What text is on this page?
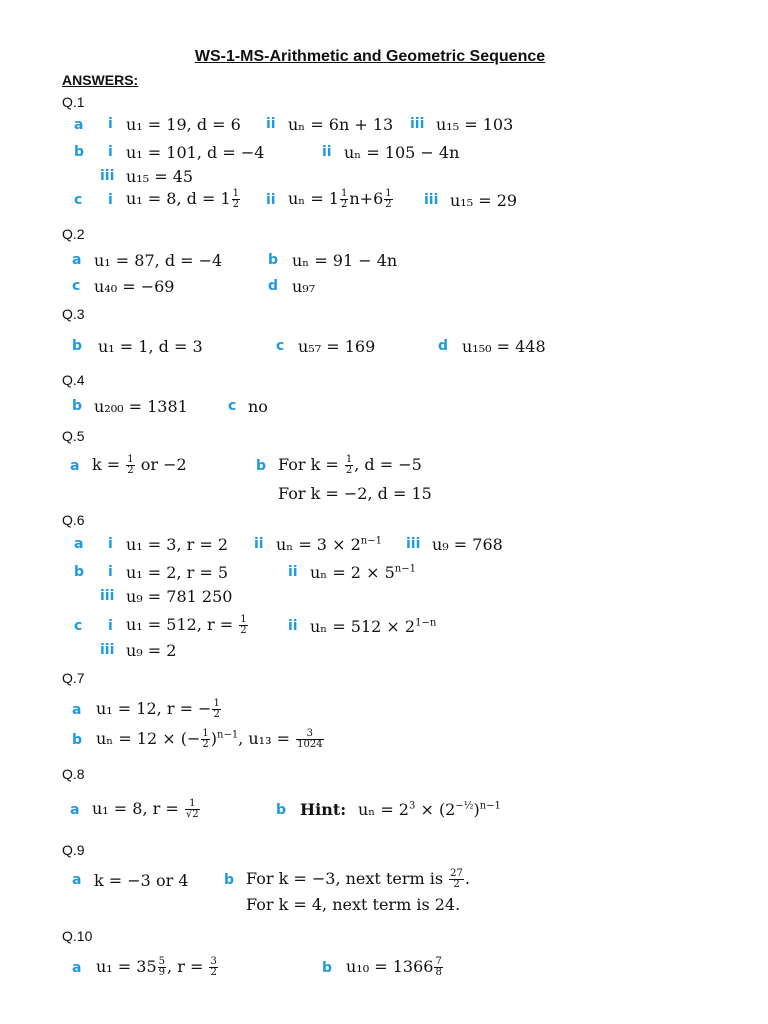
WS-1-MS-Arithmetic and Geometric Sequence
ANSWERS:
Q.1
a i u₁ = 19, d = 6 ii uₙ = 6n + 13 iii u₁₅ = 103
b i u₁ = 101, d = −4	ii uₙ = 105 − 4n
iii u₁₅ = 45
c i u₁ = 8, $d = 1 \frac{1}{2}$ ii $u_n = 1 \frac{1}{2} n+6 \frac{1}{2}$ iii u₁₅ = 29
Q.2
a u₁ = 87, d = −4	b uₙ = 91 − 4n
c u₄₀ = −69	d u₉₇
Q.3
b u₁ = 1, d = 3	c u₅₇ = 169	d u₁₅₀ = 448
Q.4
b u₂₀₀ = 1381	c no
Q.5
a $k = \frac{1}{2}$ or −2	b For $k = \frac{1}{2}$ , d = −5
For k = −2, d = 15
Q.6
a i u₁ = 3, r = 2 ii $u_n = 3 \times 2^{n-1}$ iii u₉ = 768
b i u₁ = 2, r = 5	ii $u_n = 2 \times 5^{n-1}$
iii u₉ = 781 250
c i u₁ = 512, $r = \frac{1}{2}$	ii $u_n = 512 \times 2^{1-n}$
iii u₉ = 2
Q.7
a u₁ = 12, r = − $\frac{1}{2}$
b uₙ = 12 × (− $\frac{1}{2} )^{n-1}$, $u_{13} = \frac{3}{1024}$
Q.8
a u₁ = 8, $r = \frac{1}{√2}$	b Hint: $u_n = 2^3 \times (2^{-\frac{1}{2}})^{n-1}$
Q.9
a k = −3 or 4	b For k = −3, next term is $\frac{27}{2}$ .
For k = 4, next term is 24.
Q.10
a $u_1 = 35 \frac{5}{9}$ , $r = \frac{3}{2}$	b $u_{10} = 1366 \frac{7}{8}$
